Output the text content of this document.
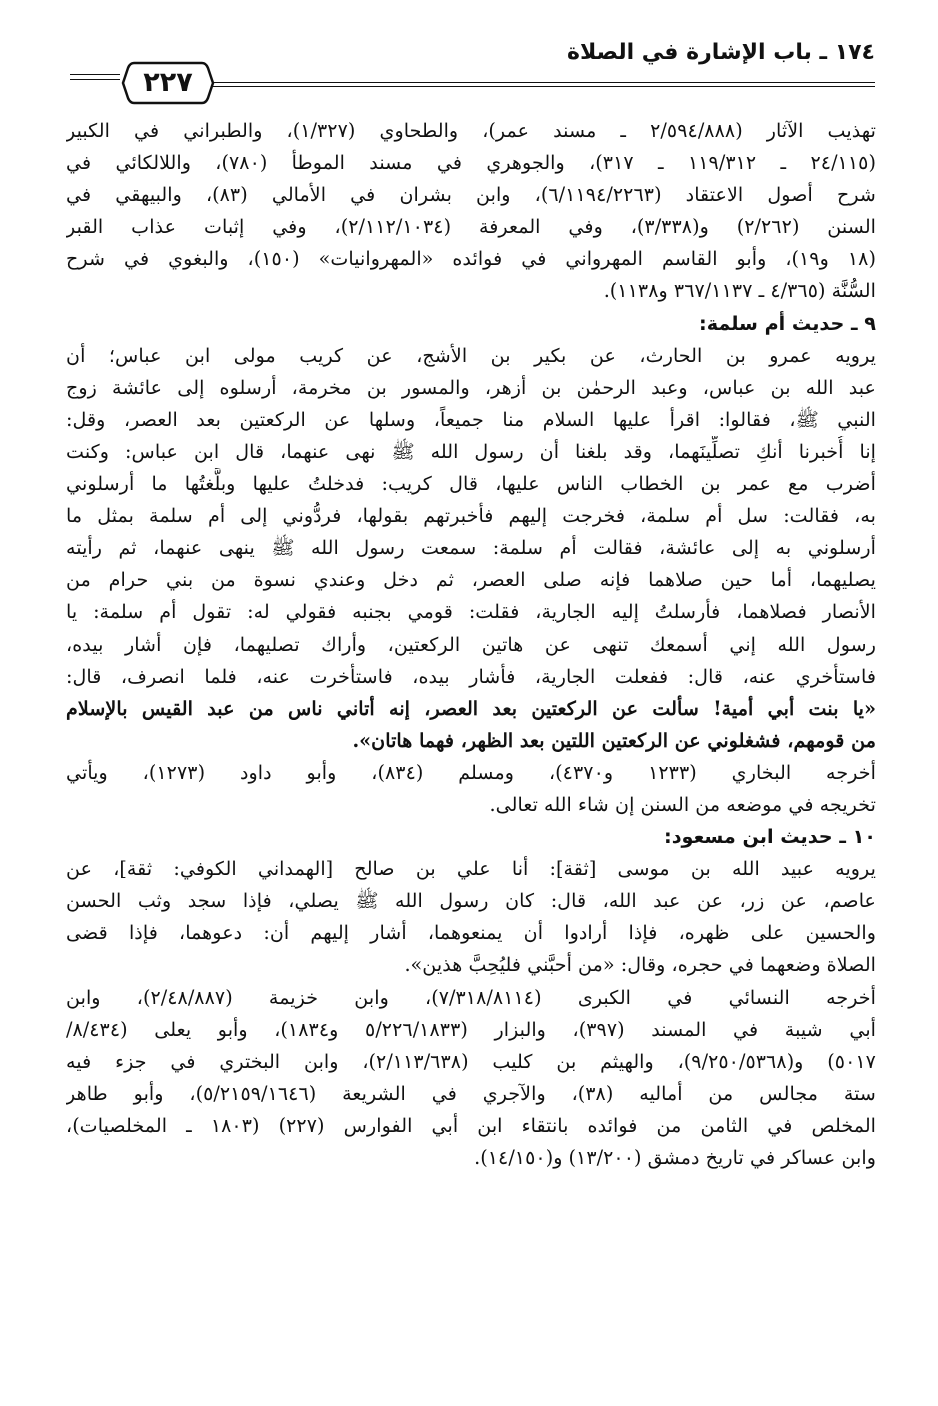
١٧٤ ـ باب الإشارة في الصلاة
٢٢٧
تهذيب الآثار (٢/٥٩٤/٨٨٨ ـ مسند عمر)، والطحاوي (١/٣٢٧)، والطبراني في الكبير
(٢٤/١١٥ ـ ١١٩/٣١٢ ـ ٣١٧)، والجوهري في مسند الموطأ (٧٨٠)، واللالكائي في
شرح أصول الاعتقاد (٦/١١٩٤/٢٢٦٣)، وابن بشران في الأمالي (٨٣)، والبيهقي في
السنن (٢/٢٦٢) و(٣/٣٣٨)، وفي المعرفة (٢/١١٢/١٠٣٤)، وفي إثبات عذاب القبر
(١٨ و١٩)، وأبو القاسم المهرواني في فوائده «المهروانيات» (١٥٠)، والبغوي في شرح
السُّنَّة (٤/٣٦٥ ـ ٣٦٧/١١٣٧ و١١٣٨).
٩ ـ حديث أم سلمة:
يرويه عمرو بن الحارث، عن بكير بن الأشج، عن كريب مولى ابن عباس؛ أن
عبد الله بن عباس، وعبد الرحمٰن بن أزهر، والمسور بن مخرمة، أرسلوه إلى عائشة زوج
النبي ﷺ، فقالوا: اقرأ عليها السلام منا جميعاً، وسلها عن الركعتين بعد العصر، وقل:
إنا أُخبرنا أنكِ تصلِّينَهما، وقد بلغنا أن رسول الله ﷺ نهى عنهما، قال ابن عباس: وكنت
أضرب مع عمر بن الخطاب الناس عليها، قال كريب: فدخلتُ عليها وبلَّغتُها ما أرسلوني
به، فقالت: سل أم سلمة، فخرجت إليهم فأخبرتهم بقولها، فردُّوني إلى أم سلمة بمثل ما
أرسلوني به إلى عائشة، فقالت أم سلمة: سمعت رسول الله ﷺ ينهى عنهما، ثم رأيته
يصليهما، أما حين صلاهما فإنه صلى العصر، ثم دخل وعندي نسوة من بني حرام من
الأنصار فصلاهما، فأرسلتُ إليه الجارية، فقلت: قومي بجنبه فقولي له: تقول أم سلمة: يا
رسول الله إني أسمعك تنهى عن هاتين الركعتين، وأراك تصليهما، فإن أشار بيده،
فاستأخري عنه، قال: ففعلت الجارية، فأشار بيده، فاستأخرت عنه، فلما انصرف، قال:
«يا بنت أبي أمية! سألت عن الركعتين بعد العصر، إنه أتاني ناس من عبد القيس بالإسلام
من قومهم، فشغلوني عن الركعتين اللتين بعد الظهر، فهما هاتان».
أخرجه البخاري (١٢٣٣ و٤٣٧٠)، ومسلم (٨٣٤)، وأبو داود (١٢٧٣)، ويأتي
تخريجه في موضعه من السنن إن شاء الله تعالى.
١٠ ـ حديث ابن مسعود:
يرويه عبيد الله بن موسى [ثقة]: أنا علي بن صالح [الهمداني الكوفي: ثقة]، عن
عاصم، عن زر، عن عبد الله، قال: كان رسول الله ﷺ يصلي، فإذا سجد وثب الحسن
والحسين على ظهره، فإذا أرادوا أن يمنعوهما، أشار إليهم أن: دعوهما، فإذا قضى
الصلاة وضعهما في حجره، وقال: «من أحبَّني فليُحِبَّ هذين».
أخرجه النسائي في الكبرى (٧/٣١٨/٨١١٤)، وابن خزيمة (٢/٤٨/٨٨٧)، وابن
أبي شيبة في المسند (٣٩٧)، والبزار (٥/٢٢٦/١٨٣٣ و١٨٣٤)، وأبو يعلى (٨/٤٣٤/
٥٠١٧) و(٩/٢٥٠/٥٣٦٨)، والهيثم بن كليب (٢/١١٣/٦٣٨)، وابن البختري في جزء فيه
ستة مجالس من أماليه (٣٨)، والآجري في الشريعة (٥/٢١٥٩/١٦٤٦)، وأبو طاهر
المخلص في الثامن من فوائده بانتقاء ابن أبي الفوارس (٢٢٧) (١٨٠٣ ـ المخلصيات)،
وابن عساكر في تاريخ دمشق (١٣/٢٠٠) و(١٤/١٥٠).
